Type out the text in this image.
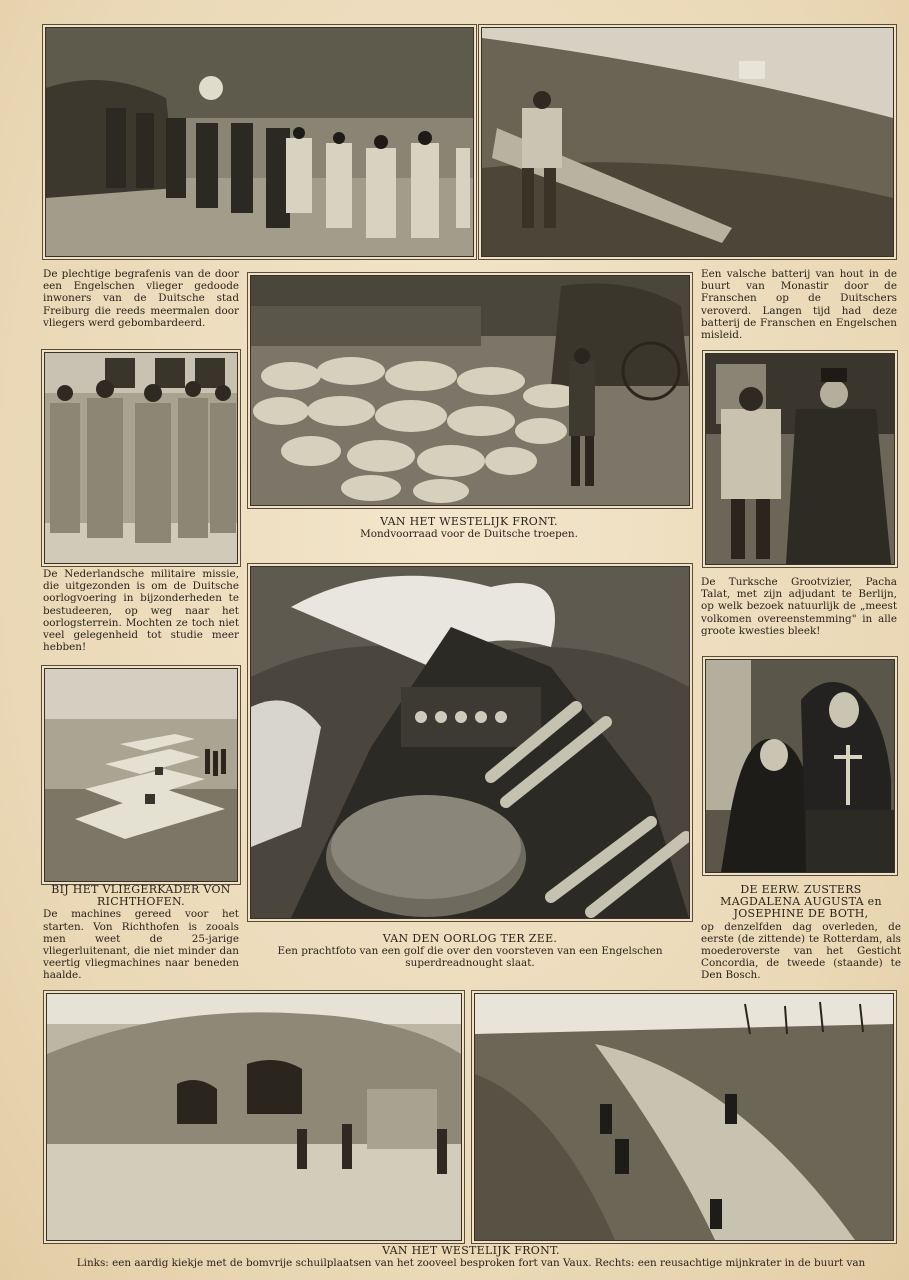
De plechtige begrafenis van de door een Engelschen vlieger gedoode inwoners van de Duitsche stad Freiburg die reeds meermalen door vliegers werd gebombardeerd.
Een valsche batterij van hout in de buurt van Monastir door de Franschen op de Duitschers veroverd. Langen tijd had deze batterij de Franschen en Engelschen misleid.
VAN HET WESTELIJK FRONT.
Mondvoorraad voor de Duitsche troepen.
De Nederlandsche militaire missie, die uitgezonden is om de Duitsche oorlogvoering in bijzonderheden te bestudeeren, op weg naar het oorlogsterrein. Mochten ze toch niet veel gelegenheid tot studie meer hebben!
De Turksche Grootvizier, Pacha Talat, met zijn adjudant te Berlijn, op welk bezoek natuurlijk de „meest volkomen overeenstemming" in alle groote kwesties bleek!
BIJ HET VLIEGERKADER VON RICHTHOFEN.
De machines gereed voor het starten. Von Richthofen is zooals men weet de 25-jarige vliegerluitenant, die niet minder dan veertig vliegmachines naar beneden haalde.
DE EERW. ZUSTERS MAGDALENA AUGUSTA en JOSEPHINE DE BOTH,
op denzelfden dag overleden, de eerste (de zittende) te Rotterdam, als moederoverste van het Gesticht Concordia, de tweede (staande) te Den Bosch.
VAN DEN OORLOG TER ZEE.
Een prachtfoto van een golf die over den voorsteven van een Engelschen superdreadnought slaat.
VAN HET WESTELIJK FRONT.
Links: een aardig kiekje met de bomvrije schuilplaatsen van het zooveel besproken fort van Vaux. Rechts: een reusachtige mijnkrater in de buurt van
